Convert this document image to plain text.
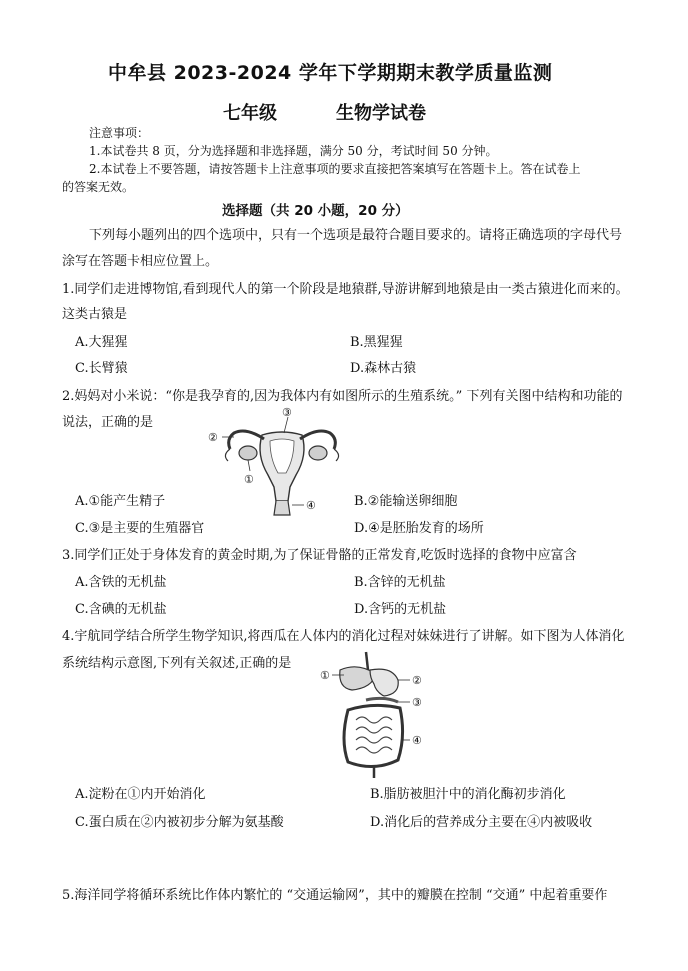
中牟县 2023-2024 学年下学期期末教学质量监测
七年级	生物学试卷
注意事项：
1.本试卷共 8 页，分为选择题和非选择题，满分 50 分，考试时间 50 分钟。
2.本试卷上不要答题，请按答题卡上注意事项的要求直接把答案填写在答题卡上。答在试卷上
的答案无效。
选择题（共 20 小题，20 分）
下列每小题列出的四个选项中，只有一个选项是最符合题目要求的。请将正确选项的字母代号
涂写在答题卡相应位置上。
1.同学们走进博物馆,看到现代人的第一个阶段是地猿群,导游讲解到地猿是由一类古猿进化而来的。
这类古猿是
A.大猩猩	B.黑猩猩
C.长臂猿	D.森林古猿
2.妈妈对小米说：“你是我孕育的,因为我体内有如图所示的生殖系统。” 下列有关图中结构和功能的
说法，正确的是
②
③
①
④
A.①能产生精子	B.②能输送卵细胞
C.③是主要的生殖器官	D.④是胚胎发育的场所
3.同学们正处于身体发育的黄金时期,为了保证骨骼的正常发育,吃饭时选择的食物中应富含
A.含铁的无机盐	B.含锌的无机盐
C.含碘的无机盐	D.含钙的无机盐
4.宇航同学结合所学生物学知识,将西瓜在人体内的消化过程对妹妹进行了讲解。如下图为人体消化
系统结构示意图,下列有关叙述,正确的是
①	②
③
④
A.淀粉在①内开始消化	B.脂肪被胆汁中的消化酶初步消化
C.蛋白质在②内被初步分解为氨基酸	D.消化后的营养成分主要在④内被吸收
5.海洋同学将循环系统比作体内繁忙的 “交通运输网”，其中的瓣膜在控制 “交通” 中起着重要作
